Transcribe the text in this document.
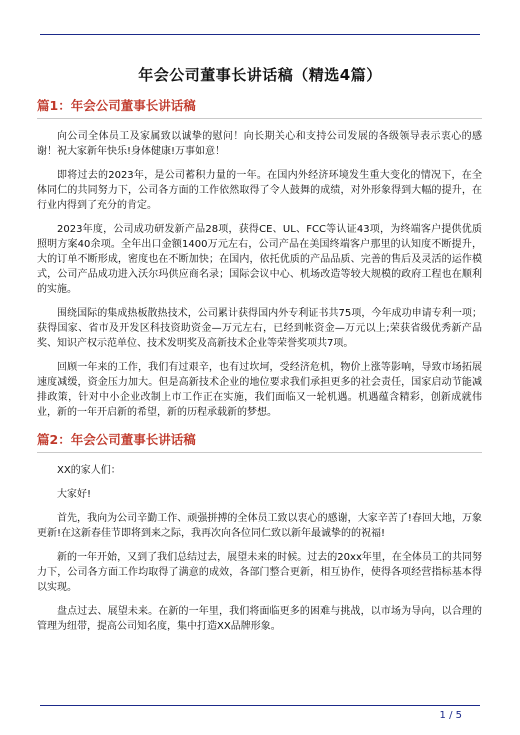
年会公司董事长讲话稿（精选4篇）
篇1：年会公司董事长讲话稿

向公司全体员工及家属致以诚挚的慰问！向长期关心和支持公司发展的各级领导表示衷心的感谢！祝大家新年快乐!身体健康!万事如意！

即将过去的2023年，是公司蓄积力量的一年。在国内外经济环境发生重大变化的情况下，在全体同仁的共同努力下，公司各方面的工作依然取得了令人鼓舞的成绩，对外形象得到大幅的提升，在行业内得到了充分的肯定。

2023年度，公司成功研发新产品28项，获得CE、UL、FCC等认证43项，为终端客户提供优质照明方案40余项。全年出口金额1400万元左右，公司产品在美国终端客户那里的认知度不断提升，大的订单不断形成，密度也在不断加快；在国内，依托优质的产品品质、完善的售后及灵活的运作模式，公司产品成功进入沃尔玛供应商名录；国际会议中心、机场改造等较大规模的政府工程也在顺利的实施。

围绕国际的集成热板散热技术，公司累计获得国内外专利证书共75项，今年成功申请专利一项；获得国家、省市及开发区科技资助资金—万元左右，已经到帐资金—万元以上;荣获省级优秀新产品奖、知识产权示范单位、技术发明奖及高新技术企业等荣誉奖项共7项。

回顾一年来的工作，我们有过艰辛，也有过坎坷，受经济危机，物价上涨等影响，导致市场拓展速度减缓，资金压力加大。但是高新技术企业的地位要求我们承担更多的社会责任，国家启动节能减排政策，针对中小企业改制上市工作正在实施，我们面临又一轮机遇。机遇蕴含精彩，创新成就伟业，新的一年开启新的希望，新的历程承载新的梦想。

篇2：年会公司董事长讲话稿

XX的家人们：

大家好!

首先，我向为公司辛勤工作、顽强拼搏的全体员工致以衷心的感谢，大家辛苦了!春回大地，万象更新!在这新春佳节即将到来之际，我再次向各位同仁致以新年最诚挚的的祝福!

新的一年开始，又到了我们总结过去，展望未来的时候。过去的20xx年里，在全体员工的共同努力下，公司各方面工作均取得了满意的成效，各部门整合更新，相互协作，使得各项经营指标基本得以实现。

盘点过去、展望未来。在新的一年里，我们将面临更多的困难与挑战，以市场为导向，以合理的管理为纽带，提高公司知名度，集中打造XX品牌形象。

1 / 5
